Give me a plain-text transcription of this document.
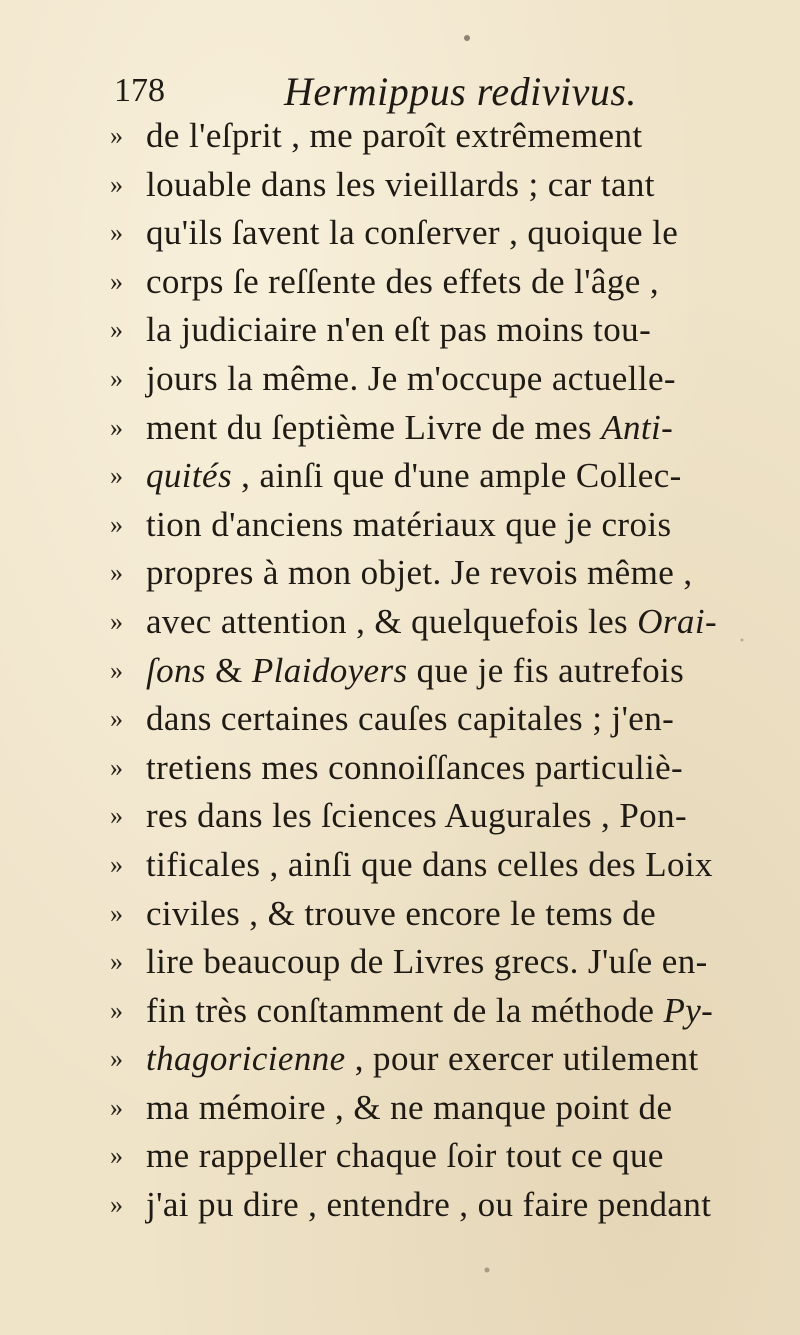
178	Hermippus redivivus.
» de l'eſprit , me paroît extrêmement
» louable dans les vieillards ; car tant
» qu'ils ſavent la conſerver , quoique le
» corps ſe reſſente des effets de l'âge ,
» la judiciaire n'en eſt pas moins tou-
» jours la même. Je m'occupe actuelle-
» ment du ſeptième Livre de mes Anti-
» quités , ainſi que d'une ample Collec-
» tion d'anciens matériaux que je crois
» propres à mon objet. Je revois même ,
» avec attention , & quelquefois les Orai-
» ſons & Plaidoyers que je fis autrefois
» dans certaines cauſes capitales ; j'en-
» tretiens mes connoiſſances particuliè-
» res dans les ſciences Augurales , Pon-
» tificales , ainſi que dans celles des Loix
» civiles , & trouve encore le tems de
» lire beaucoup de Livres grecs. J'uſe en-
» fin très conſtamment de la méthode Py-
» thagoricienne , pour exercer utilement
» ma mémoire , & ne manque point de
» me rappeller chaque ſoir tout ce que
» j'ai pu dire , entendre , ou faire pendant
